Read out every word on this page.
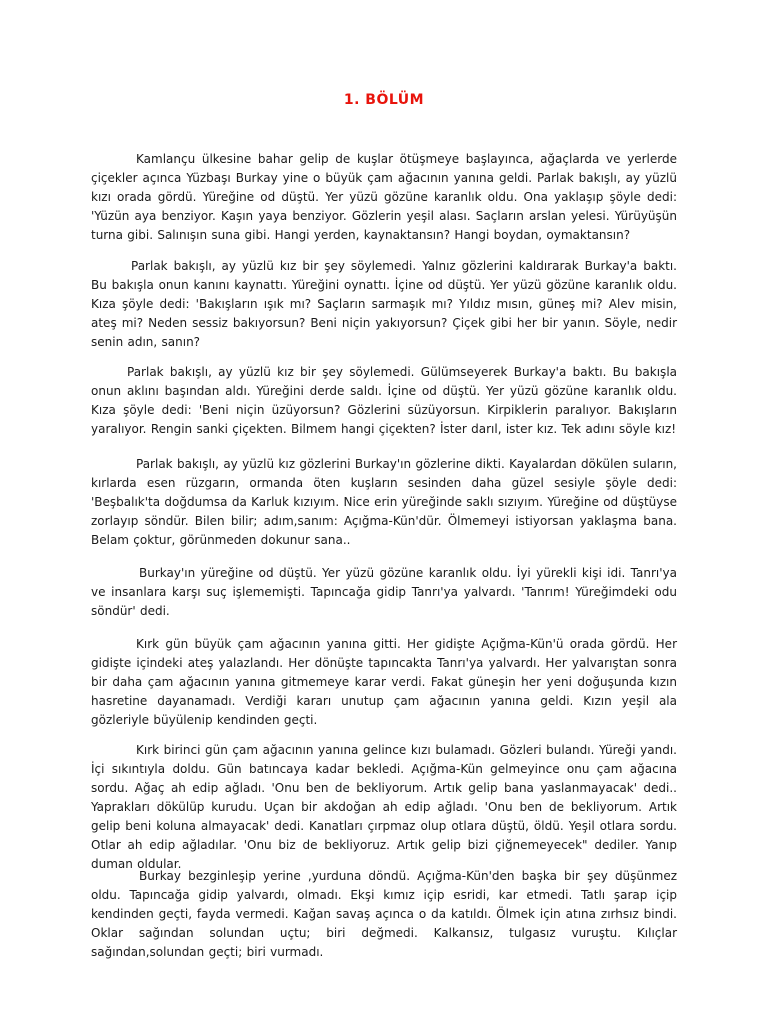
1. BÖLÜM

Kamlançu ülkesine bahar gelip de kuşlar ötüşmeye başlayınca, ağaçlarda ve yerlerde çiçekler açınca Yüzbaşı Burkay yine o büyük çam ağacının yanına geldi. Parlak bakışlı, ay yüzlü kızı orada gördü. Yüreğine od düştü. Yer yüzü gözüne karanlık oldu. Ona yaklaşıp şöyle dedi: 'Yüzün aya benziyor. Kaşın yaya benziyor. Gözlerin yeşil alası. Saçların arslan yelesi. Yürüyüşün turna gibi. Salınışın suna gibi. Hangi yerden, kaynaktansın? Hangi boydan, oymaktansın?

Parlak bakışlı, ay yüzlü kız bir şey söylemedi. Yalnız gözlerini kaldırarak Burkay'a baktı. Bu bakışla onun kanını kaynattı. Yüreğini oynattı. İçine od düştü. Yer yüzü gözüne karanlık oldu. Kıza şöyle dedi: 'Bakışların ışık mı? Saçların sarmaşık mı? Yıldız mısın, güneş mi? Alev misin, ateş mi? Neden sessiz bakıyorsun? Beni niçin yakıyorsun? Çiçek gibi her bir yanın. Söyle, nedir senin adın, sanın?

Parlak bakışlı, ay yüzlü kız bir şey söylemedi. Gülümseyerek Burkay'a baktı. Bu bakışla onun aklını başından aldı. Yüreğini derde saldı. İçine od düştü. Yer yüzü gözüne karanlık oldu. Kıza şöyle dedi: 'Beni niçin üzüyorsun? Gözlerini süzüyorsun. Kirpiklerin paralıyor. Bakışların yaralıyor. Rengin sanki çiçekten. Bilmem hangi çiçekten? İster darıl, ister kız. Tek adını söyle kız!

Parlak bakışlı, ay yüzlü kız gözlerini Burkay'ın gözlerine dikti. Kayalardan dökülen suların, kırlarda esen rüzgarın, ormanda öten kuşların sesinden daha güzel sesiyle şöyle dedi: 'Beşbalık'ta doğdumsa da Karluk kızıyım. Nice erin yüreğinde saklı sızıyım. Yüreğine od düştüyse zorlayıp söndür. Bilen bilir; adım,sanım: Açığma-Kün'dür. Ölmemeyi istiyorsan yaklaşma bana. Belam çoktur, görünmeden dokunur sana..

Burkay'ın yüreğine od düştü. Yer yüzü gözüne karanlık oldu. İyi yürekli kişi idi. Tanrı'ya ve insanlara karşı suç işlememişti. Tapıncağa gidip Tanrı'ya yalvardı. 'Tanrım! Yüreğimdeki odu söndür' dedi.

Kırk gün büyük çam ağacının yanına gitti. Her gidişte Açığma-Kün'ü orada gördü. Her gidişte içindeki ateş yalazlandı. Her dönüşte tapıncakta Tanrı'ya yalvardı. Her yalvarıştan sonra bir daha çam ağacının yanına gitmemeye karar verdi. Fakat güneşin her yeni doğuşunda kızın hasretine dayanamadı. Verdiği kararı unutup çam ağacının yanına geldi. Kızın yeşil ala gözleriyle büyülenip kendinden geçti.

Kırk birinci gün çam ağacının yanına gelince kızı bulamadı. Gözleri bulandı. Yüreği yandı. İçi sıkıntıyla doldu. Gün batıncaya kadar bekledi. Açığma-Kün gelmeyince onu çam ağacına sordu. Ağaç ah edip ağladı. 'Onu ben de bekliyorum. Artık gelip bana yaslanmayacak' dedi.. Yaprakları dökülüp kurudu. Uçan bir akdoğan ah edip ağladı. 'Onu ben de bekliyorum. Artık gelip beni koluna almayacak' dedi. Kanatları çırpmaz olup otlara düştü, öldü. Yeşil otlara sordu. Otlar ah edip ağladılar. 'Onu biz de bekliyoruz. Artık gelip bizi çiğnemeyecek" dediler. Yanıp duman oldular.

Burkay bezginleşip yerine ,yurduna döndü. Açığma-Kün'den başka bir şey düşünmez oldu. Tapıncağa gidip yalvardı, olmadı. Ekşi kımız içip esridi, kar etmedi. Tatlı şarap içip kendinden geçti, fayda vermedi. Kağan savaş açınca o da katıldı. Ölmek için atına zırhsız bindi. Oklar sağından solundan uçtu; biri değmedi. Kalkansız, tulgasız vuruştu. Kılıçlar sağından,solundan geçti; biri vurmadı.
